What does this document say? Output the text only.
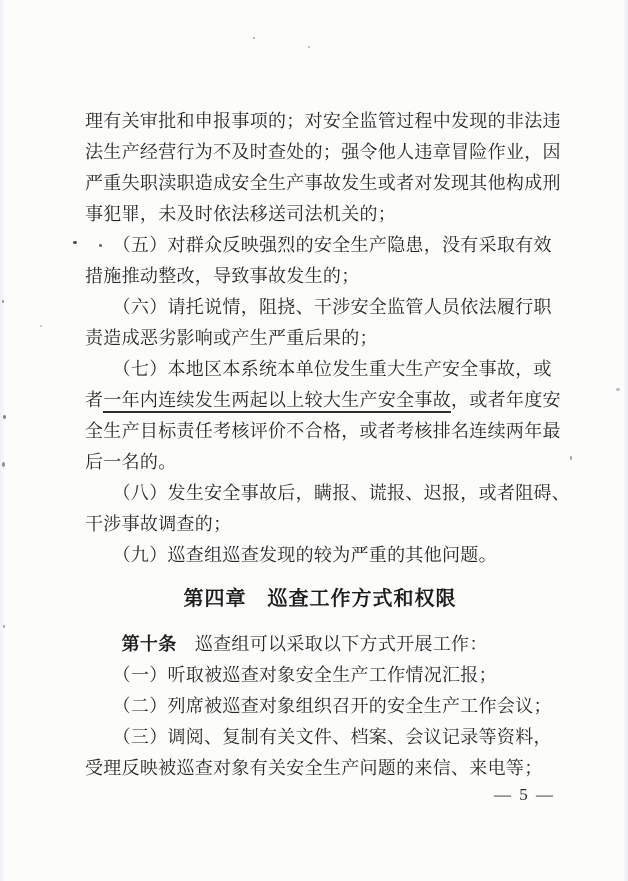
理有关审批和申报事项的；对安全监管过程中发现的非法违
法生产经营行为不及时查处的；强令他人违章冒险作业，因
严重失职渎职造成安全生产事故发生或者对发现其他构成刑
事犯罪，未及时依法移送司法机关的；
　　（五）对群众反映强烈的安全生产隐患，没有采取有效
措施推动整改，导致事故发生的；
　　（六）请托说情，阻挠、干涉安全监管人员依法履行职
责造成恶劣影响或产生严重后果的；
　　（七）本地区本系统本单位发生重大生产安全事故，或
者一年内连续发生两起以上较大生产安全事故，或者年度安
全生产目标责任考核评价不合格，或者考核排名连续两年最
后一名的。
　　（八）发生安全事故后，瞒报、谎报、迟报，或者阻碍、
干涉事故调查的；
　　（九）巡查组巡查发现的较为严重的其他问题。
第四章　巡查工作方式和权限
　　第十条　巡查组可以采取以下方式开展工作：
　　（一）听取被巡查对象安全生产工作情况汇报；
　　（二）列席被巡查对象组织召开的安全生产工作会议；
　　（三）调阅、复制有关文件、档案、会议记录等资料，
受理反映被巡查对象有关安全生产问题的来信、来电等；
— 5 —
